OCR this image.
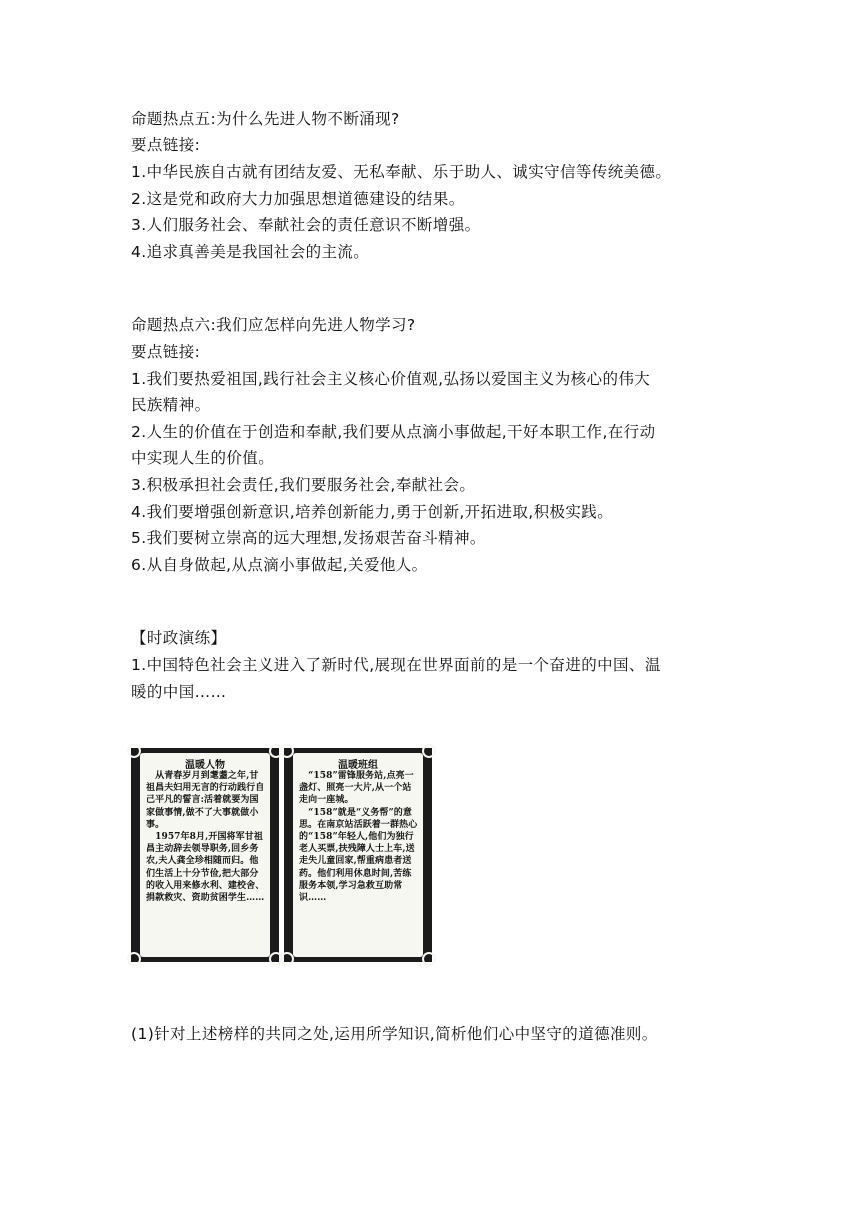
命题热点五:为什么先进人物不断涌现?
要点链接:
1.中华民族自古就有团结友爱、无私奉献、乐于助人、诚实守信等传统美德。
2.这是党和政府大力加强思想道德建设的结果。
3.人们服务社会、奉献社会的责任意识不断增强。
4.追求真善美是我国社会的主流。
命题热点六:我们应怎样向先进人物学习?
要点链接:
1.我们要热爱祖国,践行社会主义核心价值观,弘扬以爱国主义为核心的伟大
民族精神。
2.人生的价值在于创造和奉献,我们要从点滴小事做起,干好本职工作,在行动
中实现人生的价值。
3.积极承担社会责任,我们要服务社会,奉献社会。
4.我们要增强创新意识,培养创新能力,勇于创新,开拓进取,积极实践。
5.我们要树立崇高的远大理想,发扬艰苦奋斗精神。
6.从自身做起,从点滴小事做起,关爱他人。
【时政演练】
1.中国特色社会主义进入了新时代,展现在世界面前的是一个奋进的中国、温
暖的中国……
温暖人物
　从青春岁月到耄耋之年,甘祖昌夫妇用无言的行动践行自己平凡的誓言:活着就要为国家做事情,做不了大事就做小事。
　1957年8月,开国将军甘祖昌主动辞去领导职务,回乡务农,夫人龚全珍相随而归。他们生活上十分节俭,把大部分的收入用来修水利、建校舍、捐款救灾、资助贫困学生……
温暖班组
　“158”雷锋服务站,点亮一盏灯、照亮一大片,从一个站走向一座城。
　“158”就是“义务帮”的意思。在南京站活跃着一群热心的“158”年轻人,他们为独行老人买票,扶残障人士上车,送走失儿童回家,帮重病患者送药。他们利用休息时间,苦练服务本领,学习急救互助常识……
(1)针对上述榜样的共同之处,运用所学知识,简析他们心中坚守的道德准则。
